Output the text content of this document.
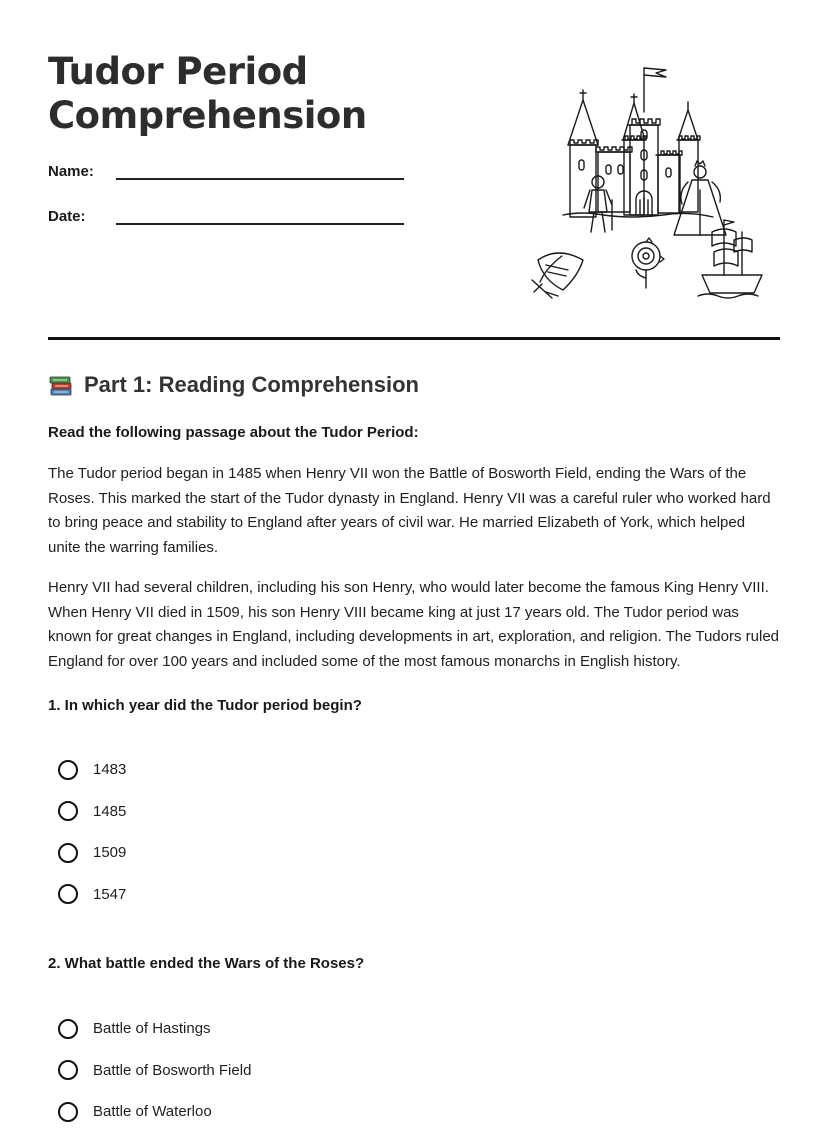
Tudor Period
Comprehension
Name:
Date:
Part 1: Reading Comprehension
Read the following passage about the Tudor Period:

The Tudor period began in 1485 when Henry VII won the Battle of Bosworth Field, ending the Wars of the Roses. This marked the start of the Tudor dynasty in England. Henry VII was a careful ruler who worked hard to bring peace and stability to England after years of civil war. He married Elizabeth of York, which helped unite the warring families.

Henry VII had several children, including his son Henry, who would later become the famous King Henry VIII. When Henry VII died in 1509, his son Henry VIII became king at just 17 years old. The Tudor period was known for great changes in England, including developments in art, exploration, and religion. The Tudors ruled England for over 100 years and included some of the most famous monarchs in English history.

1. In which year did the Tudor period begin?
1483
1485
1509
1547
2. What battle ended the Wars of the Roses?
Battle of Hastings
Battle of Bosworth Field
Battle of Waterloo
